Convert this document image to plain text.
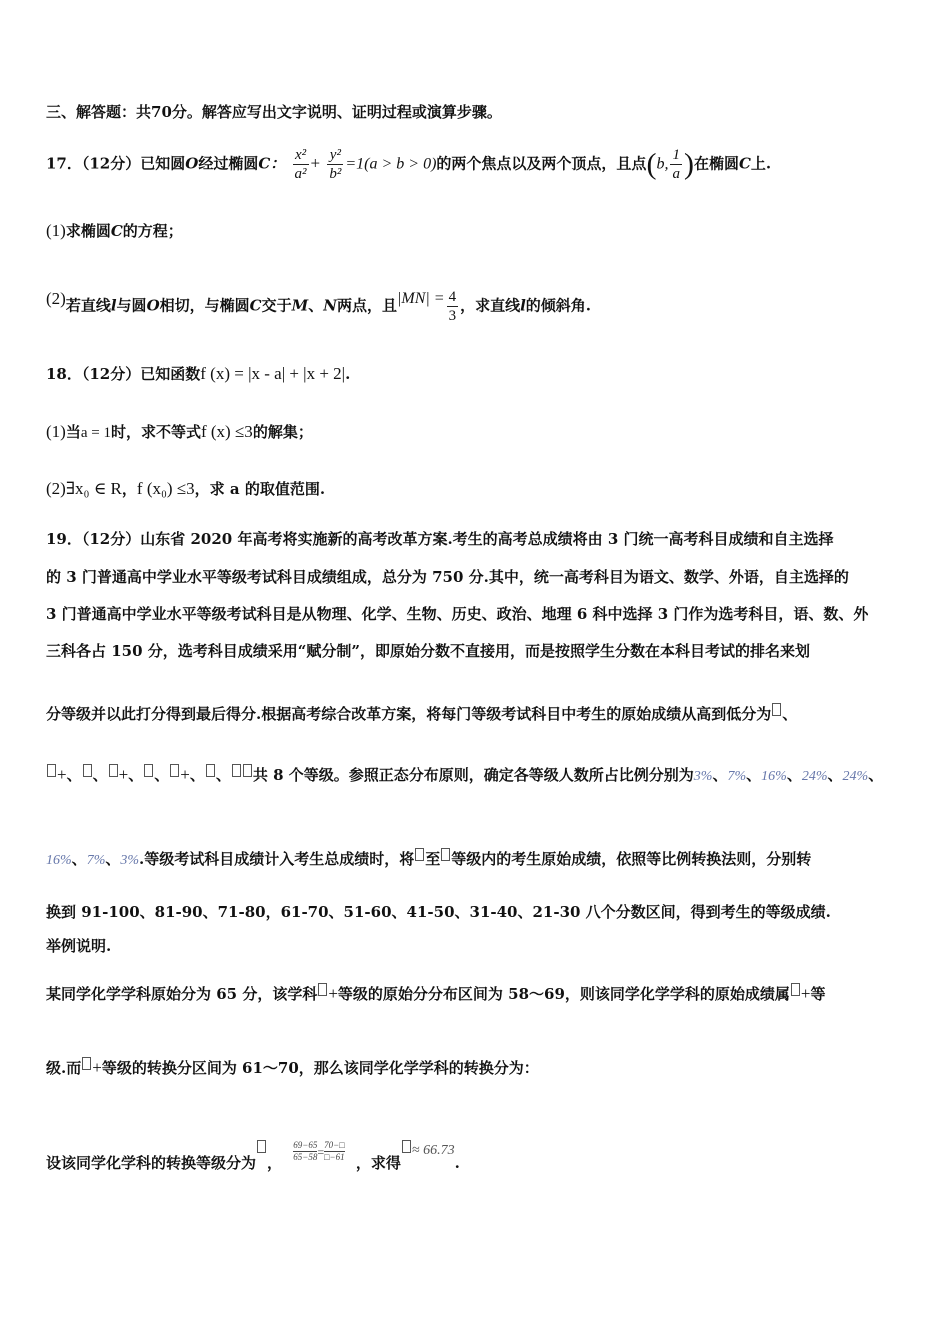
三、解答题：共70分。解答应写出文字说明、证明过程或演算步骤。
17．（12分）已知圆O经过椭圆C： $\frac{\text{x²}}{\text{a²}} + \frac{\text{y²}}{\text{b²}} =1(a > b > 0)$的两个焦点以及两个顶点，且点(b, $\frac{1}{a}$ )在椭圆C上.
(1)求椭圆C的方程；
(2)若直线l与圆O相切，与椭圆C交于M、N两点，且$|MN| = \frac{4}{3}$ ，求直线l的倾斜角.
18．（12分）已知函数f (x) = |x - a| + |x + 2|.
(1)当a = 1时，求不等式f (x) ≤3的解集；
(2)∃x₀ ∈ R，f (x₀) ≤3，求 a 的取值范围.
19．（12分）山东省 2020 年高考将实施新的高考改革方案.考生的高考总成绩将由 3 门统一高考科目成绩和自主选择
的 3 门普通高中学业水平等级考试科目成绩组成，总分为 750 分.其中，统一高考科目为语文、数学、外语，自主选择的
3 门普通高中学业水平等级考试科目是从物理、化学、生物、历史、政治、地理 6 科中选择 3 门作为选考科目，语、数、外
三科各占 150 分，选考科目成绩采用“赋分制”，即原始分数不直接用，而是按照学生分数在本科目考试的排名来划
分等级并以此打分得到最后得分.根据高考综合改革方案，将每门等级考试科目中考生的原始成绩从高到低分为 、
+、 、 +、 、 +、 、 共 8 个等级。参照正态分布原则，确定各等级人数所占比例分别为3%、7%、16%、24%、24%、
16%、7%、3%.等级考试科目成绩计入考生总成绩时，将 至 等级内的考生原始成绩，依照等比例转换法则，分别转
换到 91-100、81-90、71-80，61-70、51-60、41-50、31-40、21-30 八个分数区间，得到考生的等级成绩.
举例说明.
某同学化学学科原始分为 65 分，该学科 +等级的原始分分布区间为 58～69，则该同学化学学科的原始成绩属 +等
级.而 +等级的转换分区间为 61～70，那么该同学化学学科的转换分为：
设该同学化学科的转换等级分为 ， $\frac{69-65}{65-58} ^= \frac{70-□}{□-61}$ ，求得≈ 66.73.
